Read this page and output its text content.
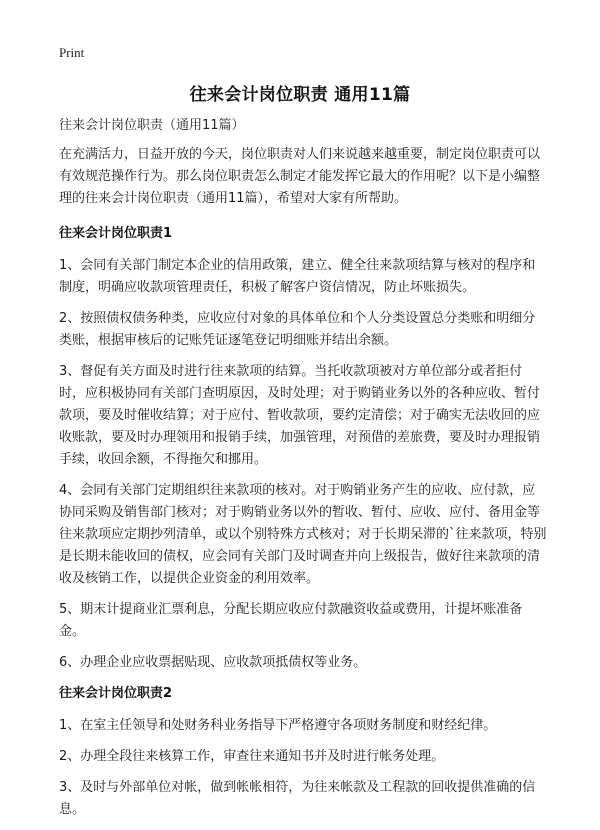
Print
往来会计岗位职责 通用11篇

往来会计岗位职责（通用11篇）

在充满活力，日益开放的今天，岗位职责对人们来说越来越重要，制定岗位职责可以有效规范操作行为。那么岗位职责怎么制定才能发挥它最大的作用呢？以下是小编整理的往来会计岗位职责（通用11篇），希望对大家有所帮助。

往来会计岗位职责1

1、会同有关部门制定本企业的信用政策，建立、健全往来款项结算与核对的程序和制度，明确应收款项管理责任，积极了解客户资信情况，防止坏账损失。

2、按照债权债务种类，应收应付对象的具体单位和个人分类设置总分类账和明细分类账，根据审核后的记账凭证逐笔登记明细账并结出余额。

3、督促有关方面及时进行往来款项的结算。当托收款项被对方单位部分或者拒付时，应积极协同有关部门查明原因，及时处理；对于购销业务以外的各种应收、暂付款项，要及时催收结算；对于应付、暂收款项，要约定清偿；对于确实无法收回的应收账款，要及时办理领用和报销手续，加强管理，对预借的差旅费，要及时办理报销手续，收回余额，不得拖欠和挪用。

4、会同有关部门定期组织往来款项的核对。对于购销业务产生的应收、应付款，应协同采购及销售部门核对；对于购销业务以外的暂收、暂付、应收、应付、备用金等往来款项应定期抄列清单，或以个别特殊方式核对；对于长期呆滞的`往来款项，特别是长期未能收回的债权，应会同有关部门及时调查并向上级报告，做好往来款项的清收及核销工作，以提供企业资金的利用效率。

5、期末计提商业汇票利息，分配长期应收应付款融资收益或费用，计提坏账准备金。

6、办理企业应收票据贴现、应收款项抵债权等业务。

往来会计岗位职责2

1、在室主任领导和处财务科业务指导下严格遵守各项财务制度和财经纪律。

2、办理全段往来核算工作，审查往来通知书并及时进行帐务处理。

3、及时与外部单位对帐，做到帐帐相符，为往来帐款及工程款的回收提供准确的信息。
